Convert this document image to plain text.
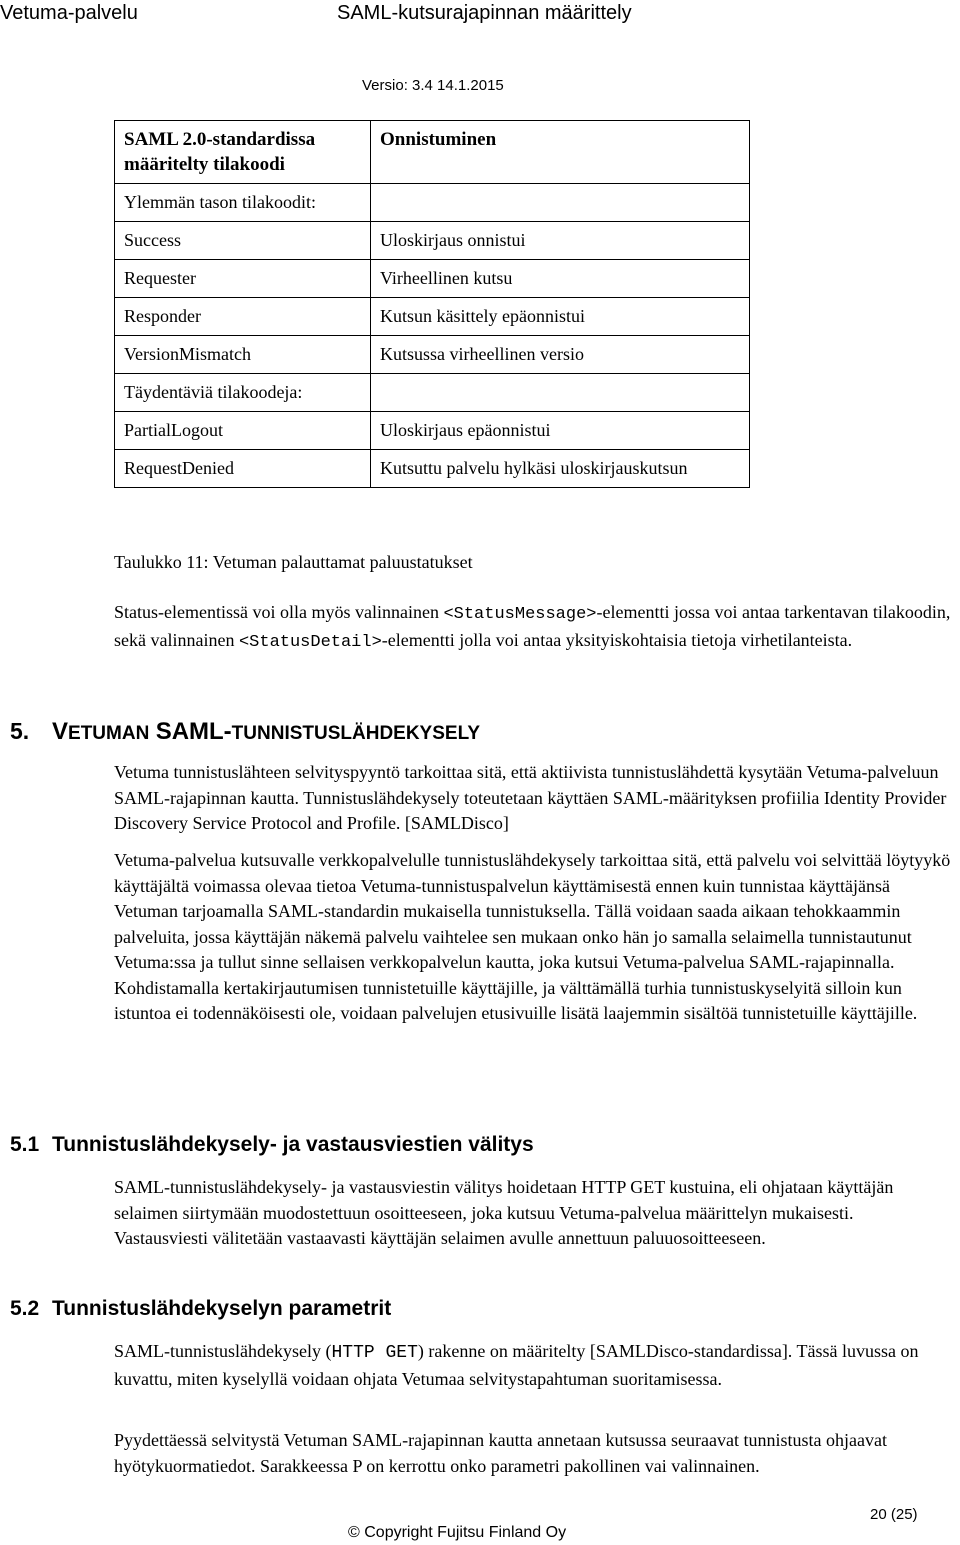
Vetuma-palvelu	SAML-kutsurajapinnan määrittely
Versio: 3.4 14.1.2015
SAML 2.0-standardissa määritelty tilakoodi	Onnistuminen
Ylemmän tason tilakoodit:	
Success	Uloskirjaus onnistui
Requester	Virheellinen kutsu
Responder	Kutsun käsittely epäonnistui
VersionMismatch	Kutsussa virheellinen versio
Täydentäviä tilakoodeja:	
PartialLogout	Uloskirjaus epäonnistui
RequestDenied	Kutsuttu palvelu hylkäsi uloskirjauskutsun
Taulukko 11: Vetuman palauttamat paluustatukset

Status-elementissä voi olla myös valinnainen <StatusMessage>-elementti jossa voi antaa tarkentavan tilakoodin, sekä valinnainen <StatusDetail>-elementti jolla voi antaa yksityiskohtaisia tietoja virhetilanteista.

5. VETUMAN SAML-TUNNISTUSLÄHDEKYSELY

Vetuma tunnistuslähteen selvityspyyntö tarkoittaa sitä, että aktiivista tunnistuslähdettä kysytään Vetuma-palveluun SAML-rajapinnan kautta. Tunnistuslähdekysely toteutetaan käyttäen SAML-määrityksen profiilia Identity Provider Discovery Service Protocol and Profile. [SAMLDisco]

Vetuma-palvelua kutsuvalle verkkopalvelulle tunnistuslähdekysely tarkoittaa sitä, että palvelu voi selvittää löytyykö käyttäjältä voimassa olevaa tietoa Vetuma-tunnistuspalvelun käyttämisestä ennen kuin tunnistaa käyttäjänsä Vetuman tarjoamalla SAML-standardin mukaisella tunnistuksella. Tällä voidaan saada aikaan tehokkaammin palveluita, jossa käyttäjän näkemä palvelu vaihtelee sen mukaan onko hän jo samalla selaimella tunnistautunut Vetuma:ssa ja tullut sinne sellaisen verkkopalvelun kautta, joka kutsui Vetuma-palvelua SAML-rajapinnalla. Kohdistamalla kertakirjautumisen tunnistetuille käyttäjille, ja välttämällä turhia tunnistuskyselyitä silloin kun istuntoa ei todennäköisesti ole, voidaan palvelujen etusivuille lisätä laajemmin sisältöä tunnistetuille käyttäjille.

5.1 Tunnistuslähdekysely- ja vastausviestien välitys

SAML-tunnistuslähdekysely- ja vastausviestin välitys hoidetaan HTTP GET kustuina, eli ohjataan käyttäjän selaimen siirtymään muodostettuun osoitteeseen, joka kutsuu Vetuma-palvelua määrittelyn mukaisesti. Vastausviesti välitetään vastaavasti käyttäjän selaimen avulle annettuun paluuosoitteeseen.

5.2 Tunnistuslähdekyselyn parametrit

SAML-tunnistuslähdekysely (HTTP GET) rakenne on määritelty [SAMLDisco-standardissa]. Tässä luvussa on kuvattu, miten kyselyllä voidaan ohjata Vetumaa selvitystapahtuman suoritamisessa.

Pyydettäessä selvitystä Vetuman SAML-rajapinnan kautta annetaan kutsussa seuraavat tunnistusta ohjaavat hyötykuormatiedot. Sarakkeessa P on kerrottu onko parametri pakollinen vai valinnainen.

20 (25)
© Copyright Fujitsu Finland Oy
